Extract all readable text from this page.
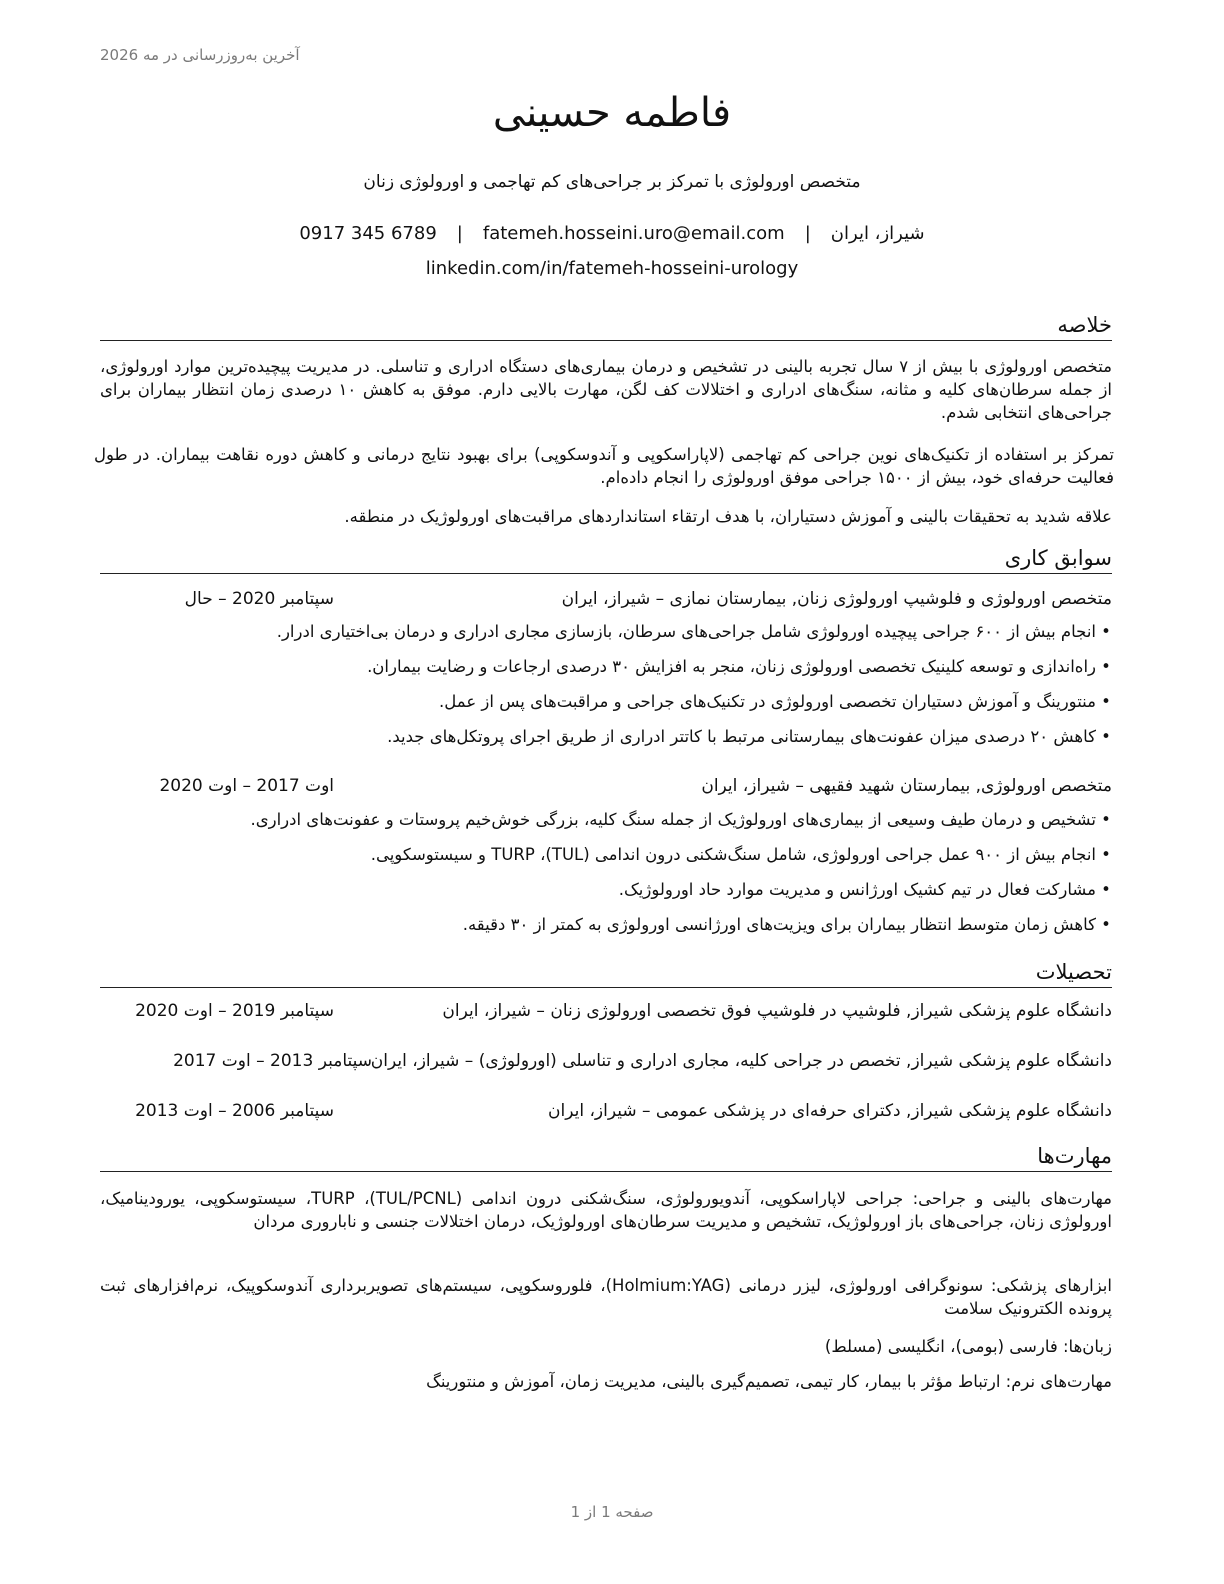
آخرین به‌روزرسانی در مه 2026
فاطمه حسینی
متخصص اورولوژی با تمرکز بر جراحی‌های کم تهاجمی و اورولوژی زنان
شیراز، ایران|fatemeh.hosseini.uro@email.com|0917 345 6789
linkedin.com/in/fatemeh-hosseini-urology
خلاصه
متخصص اورولوژی با بیش از ۷ سال تجربه بالینی در تشخیص و درمان بیماری‌های دستگاه ادراری و تناسلی. در مدیریت پیچیده‌ترین موارد اورولوژی، از جمله سرطان‌های کلیه و مثانه، سنگ‌های ادراری و اختلالات کف لگن، مهارت بالایی دارم. موفق به کاهش ۱۰ درصدی زمان انتظار بیماران برای جراحی‌های انتخابی شدم.
تمرکز بر استفاده از تکنیک‌های نوین جراحی کم تهاجمی (لاپاراسکوپی و آندوسکوپی) برای بهبود نتایج درمانی و کاهش دوره نقاهت بیماران. در طول فعالیت حرفه‌ای خود، بیش از ۱۵۰۰ جراحی موفق اورولوژی را انجام داده‌ام.
علاقه شدید به تحقیقات بالینی و آموزش دستیاران، با هدف ارتقاء استانداردهای مراقبت‌های اورولوژیک در منطقه.
سوابق کاری
متخصص اورولوژی و فلوشیپ اورولوژی زنان, بیمارستان نمازی – شیراز، ایران
سپتامبر 2020 – حال
•انجام بیش از ۶۰۰ جراحی پیچیده اورولوژی شامل جراحی‌های سرطان، بازسازی مجاری ادراری و درمان بی‌اختیاری ادرار.
•راه‌اندازی و توسعه کلینیک تخصصی اورولوژی زنان، منجر به افزایش ۳۰ درصدی ارجاعات و رضایت بیماران.
•منتورینگ و آموزش دستیاران تخصصی اورولوژی در تکنیک‌های جراحی و مراقبت‌های پس از عمل.
•کاهش ۲۰ درصدی میزان عفونت‌های بیمارستانی مرتبط با کاتتر ادراری از طریق اجرای پروتکل‌های جدید.
متخصص اورولوژی, بیمارستان شهید فقیهی – شیراز، ایران
اوت 2017 – اوت 2020
•تشخیص و درمان طیف وسیعی از بیماری‌های اورولوژیک از جمله سنگ کلیه، بزرگی خوش‌خیم پروستات و عفونت‌های ادراری.
•انجام بیش از ۹۰۰ عمل جراحی اورولوژی، شامل سنگ‌شکنی درون اندامی (TUL)، TURP و سیستوسکوپی.
•مشارکت فعال در تیم کشیک اورژانس و مدیریت موارد حاد اورولوژیک.
•کاهش زمان متوسط انتظار بیماران برای ویزیت‌های اورژانسی اورولوژی به کمتر از ۳۰ دقیقه.
تحصیلات
دانشگاه علوم پزشکی شیراز, فلوشیپ در فلوشیپ فوق تخصصی اورولوژی زنان – شیراز، ایران
سپتامبر 2019 – اوت 2020
دانشگاه علوم پزشکی شیراز, تخصص در جراحی کلیه، مجاری ادراری و تناسلی (اورولوژی) – شیراز، ایران
سپتامبر 2013 – اوت 2017
دانشگاه علوم پزشکی شیراز, دکترای حرفه‌ای در پزشکی عمومی – شیراز، ایران
سپتامبر 2006 – اوت 2013
مهارت‌ها
مهارت‌های بالینی و جراحی: جراحی لاپاراسکوپی، آندویورولوژی، سنگ‌شکنی درون اندامی (TUL/PCNL)، TURP، سیستوسکوپی، یورودینامیک، اورولوژی زنان، جراحی‌های باز اورولوژیک، تشخیص و مدیریت سرطان‌های اورولوژیک، درمان اختلالات جنسی و ناباروری مردان
ابزارهای پزشکی: سونوگرافی اورولوژی، لیزر درمانی (Holmium:YAG)، فلوروسکوپی، سیستم‌های تصویربرداری آندوسکوپیک، نرم‌افزارهای ثبت پرونده الکترونیک سلامت
زبان‌ها: فارسی (بومی)، انگلیسی (مسلط)
مهارت‌های نرم: ارتباط مؤثر با بیمار، کار تیمی، تصمیم‌گیری بالینی، مدیریت زمان، آموزش و منتورینگ
صفحه 1 از 1
